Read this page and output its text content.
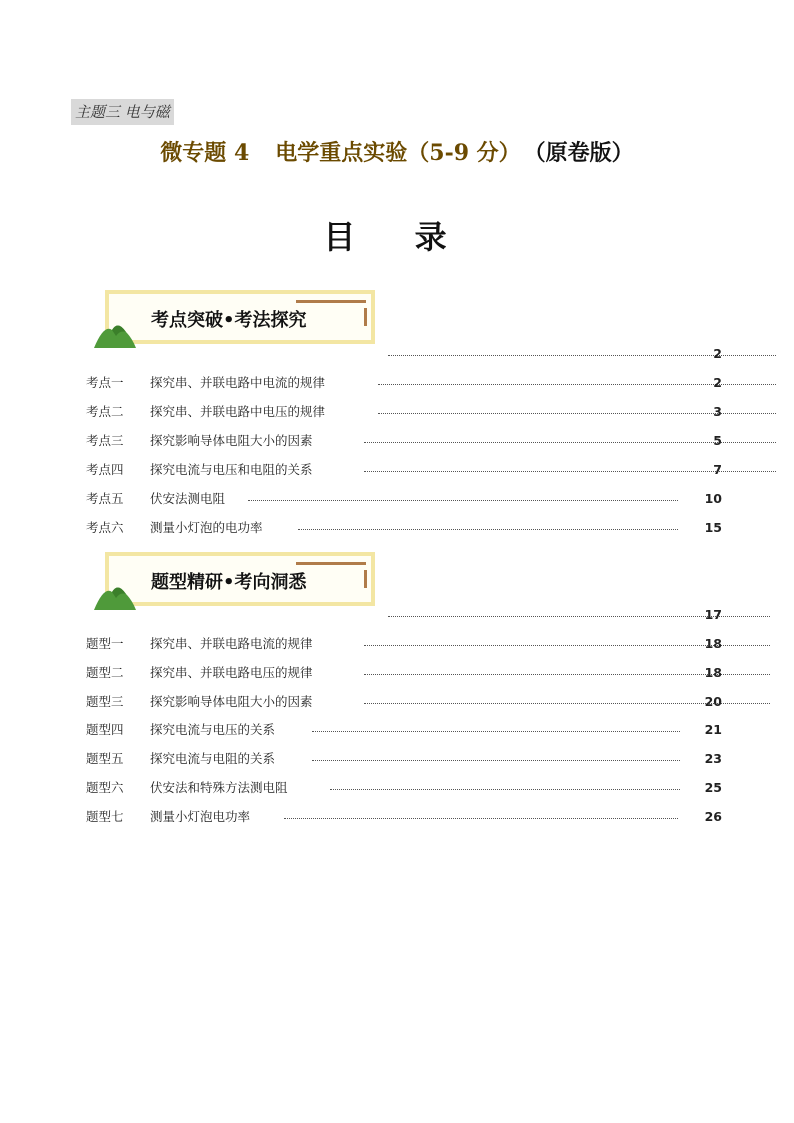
主题三 电与磁
微专题 4 电学重点实验（5-9 分） （原卷版）
目 录
考点突破•考法探究
2
考点一	探究串、并联电路中电流的规律	2
考点二	探究串、并联电路中电压的规律	3
考点三	探究影响导体电阻大小的因素	5
考点四	探究电流与电压和电阻的关系	7
考点五	伏安法测电阻	10
考点六	测量小灯泡的电功率	15
题型精研•考向洞悉
17
题型一	探究串、并联电路电流的规律	18
题型二	探究串、并联电路电压的规律	18
题型三	探究影响导体电阻大小的因素	20
题型四	探究电流与电压的关系	21
题型五	探究电流与电阻的关系	23
题型六	伏安法和特殊方法测电阻	25
题型七	测量小灯泡电功率	26
